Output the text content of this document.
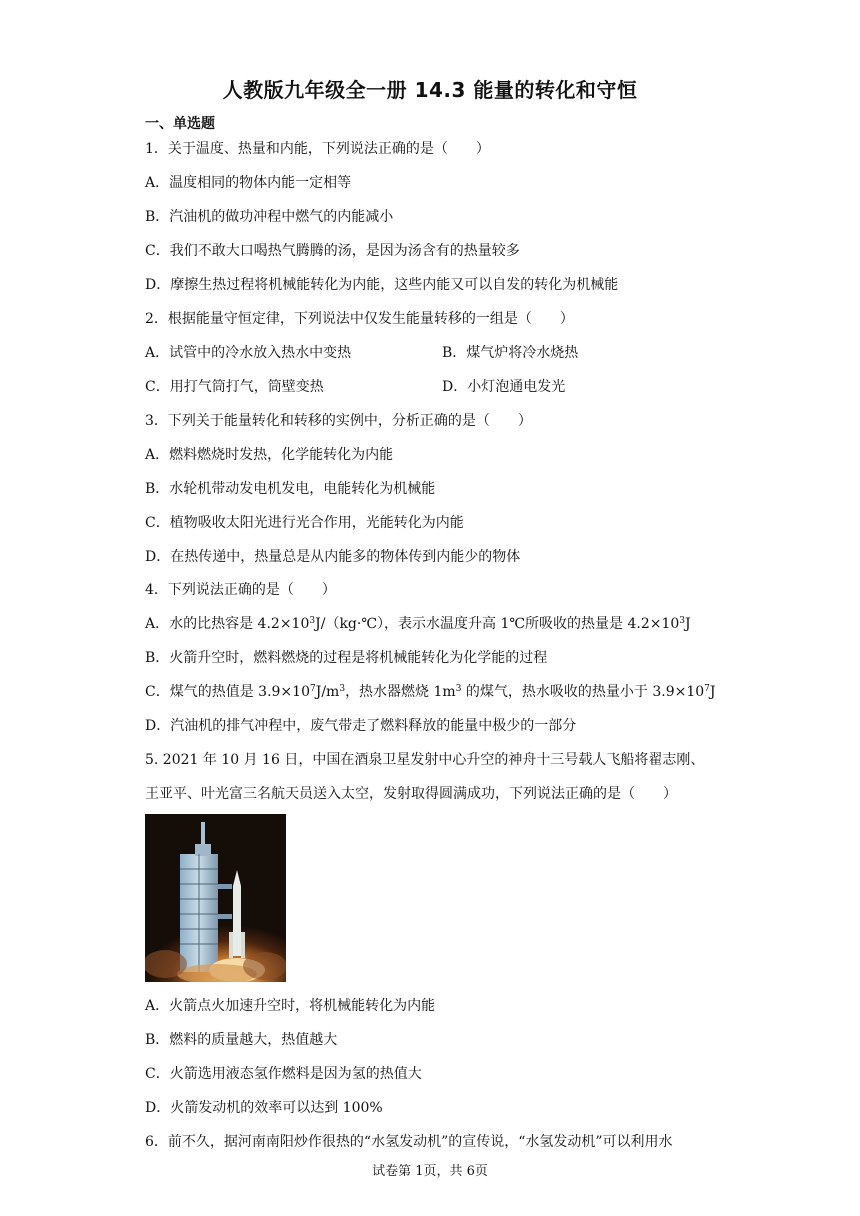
人教版九年级全一册 14.3 能量的转化和守恒
一、单选题
1．关于温度、热量和内能，下列说法正确的是（　　）
A．温度相同的物体内能一定相等
B．汽油机的做功冲程中燃气的内能减小
C．我们不敢大口喝热气腾腾的汤，是因为汤含有的热量较多
D．摩擦生热过程将机械能转化为内能，这些内能又可以自发的转化为机械能
2．根据能量守恒定律，下列说法中仅发生能量转移的一组是（　　）
A．试管中的冷水放入热水中变热	B．煤气炉将冷水烧热
C．用打气筒打气，筒壁变热	D．小灯泡通电发光
3．下列关于能量转化和转移的实例中，分析正确的是（　　）
A．燃料燃烧时发热，化学能转化为内能
B．水轮机带动发电机发电，电能转化为机械能
C．植物吸收太阳光进行光合作用，光能转化为内能
D．在热传递中，热量总是从内能多的物体传到内能少的物体
4．下列说法正确的是（　　）
A．水的比热容是 $4.2\times 10^3J/(kg\cdot℃)$，表示水温度升高 1℃所吸收的热量是 $4.2\times 10^3J$
B．火箭升空时，燃料燃烧的过程是将机械能转化为化学能的过程
C．煤气的热值是 $3.9\times 10^7J/m^3$，热水器燃烧 $1m^3$ 的煤气，热水吸收的热量小于 $3.9\times 10^7J$
D．汽油机的排气冲程中，废气带走了燃料释放的能量中极少的一部分
5. 2021 年 10 月 16 日，中国在酒泉卫星发射中心升空的神舟十三号载人飞船将翟志刚、
王亚平、叶光富三名航天员送入太空，发射取得圆满成功，下列说法正确的是（　　）
A．火箭点火加速升空时，将机械能转化为内能
B．燃料的质量越大，热值越大
C．火箭选用液态氢作燃料是因为氢的热值大
D．火箭发动机的效率可以达到 100%
6．前不久，据河南南阳炒作很热的“水氢发动机”的宣传说，“水氢发动机”可以利用水
试卷第 1页，共 6页
